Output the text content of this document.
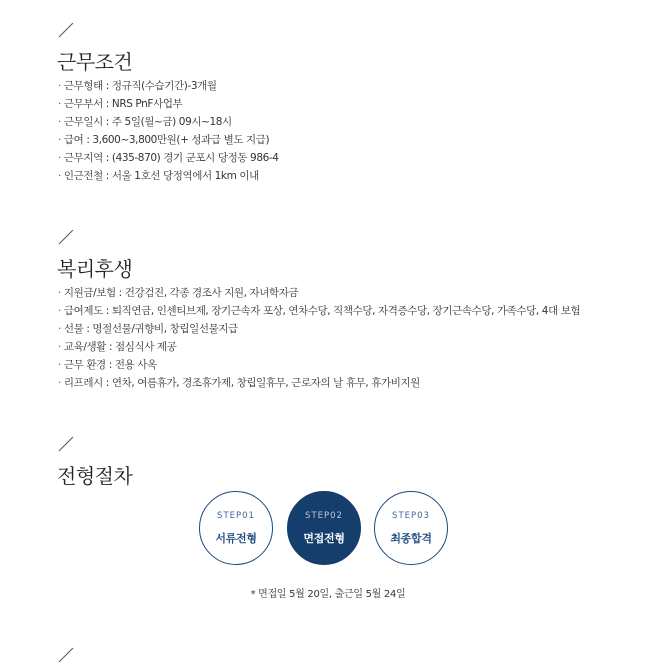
근무조건
· 근무형태 : 정규직(수습기간)-3개월
· 근무부서 : NRS PnF사업부
· 근무일시 : 주 5일(월~금) 09시~18시
· 급여 : 3,600~3,800만원(+ 성과급 별도 지급)
· 근무지역 : (435-870) 경기 군포시 당정동 986-4
· 인근전철 : 서울 1호선 당정역에서 1km 이내
복리후생
· 지원금/보험 : 건강검진, 각종 경조사 지원, 자녀학자금
· 급여제도 : 퇴직연금, 인센티브제, 장기근속자 포상, 연차수당, 직책수당, 자격증수당, 장기근속수당, 가족수당, 4대 보험
· 선물 : 명절선물/귀향비, 창립일선물지급
· 교육/생활 : 점심식사 제공
· 근무 환경 : 전용 사옥
· 리프레시 : 연차, 여름휴가, 경조휴가제, 창립일휴무, 근로자의 날 휴무, 휴가비지원
전형절차
STEP01
서류전형
STEP02
면접전형
STEP03
최종합격
* 면접일 5월 20일, 출근일 5월 24일
